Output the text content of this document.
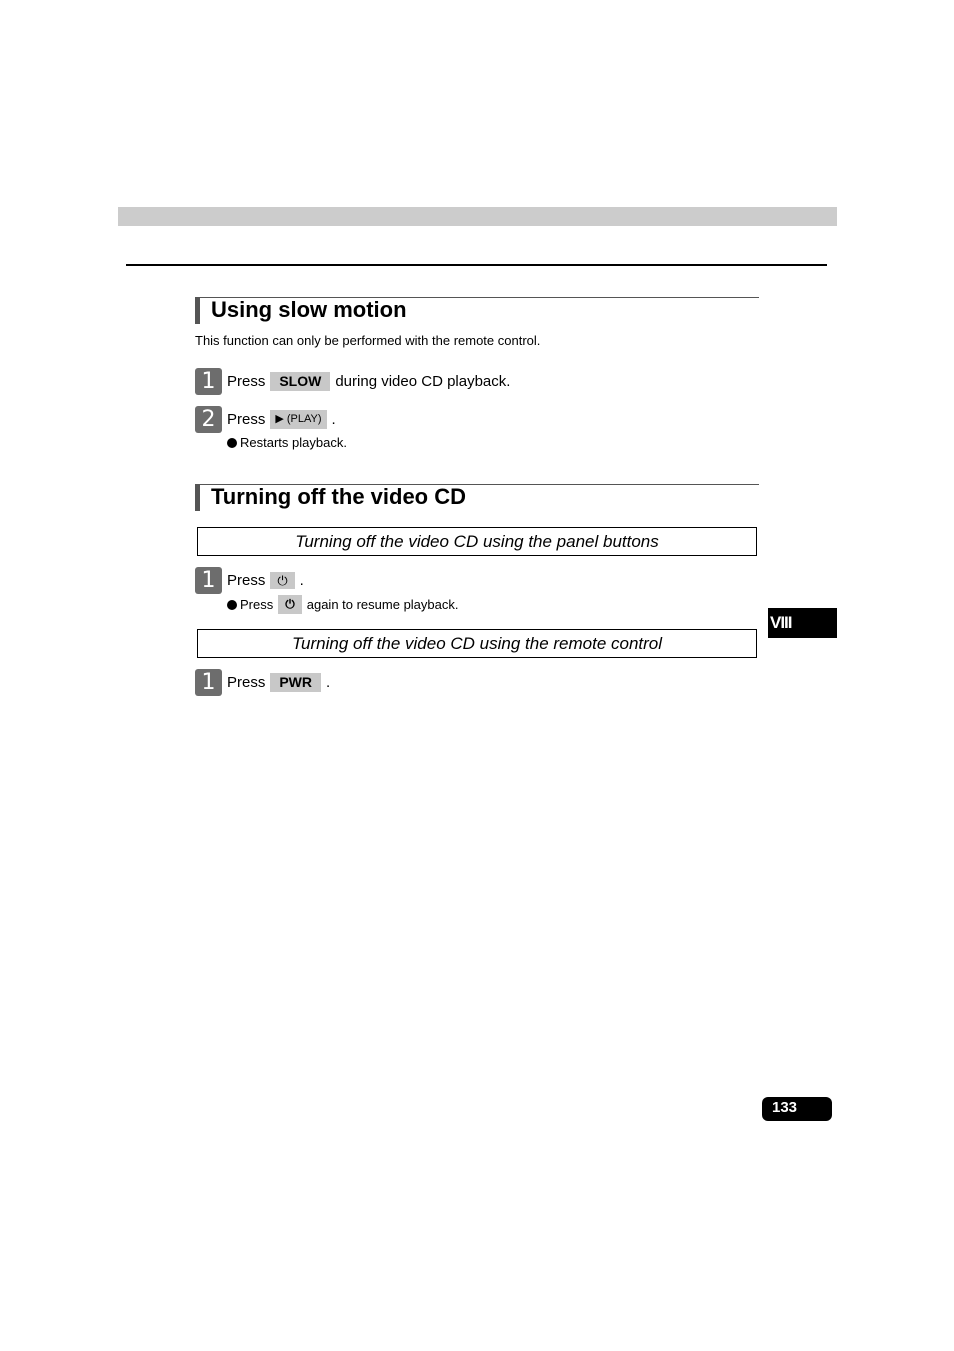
Using slow motion
This function can only be performed with the remote control.
1 Press	SLOW during video CD playback.
2 Press ▶ (PLAY) .
Restarts playback.
Turning off the video CD
Turning off the video CD using the panel buttons
1 Press ⏻ .
Press	⏻ again to resume playback.
Turning off the video CD using the remote control
1 Press	PWR .
VIII
133
